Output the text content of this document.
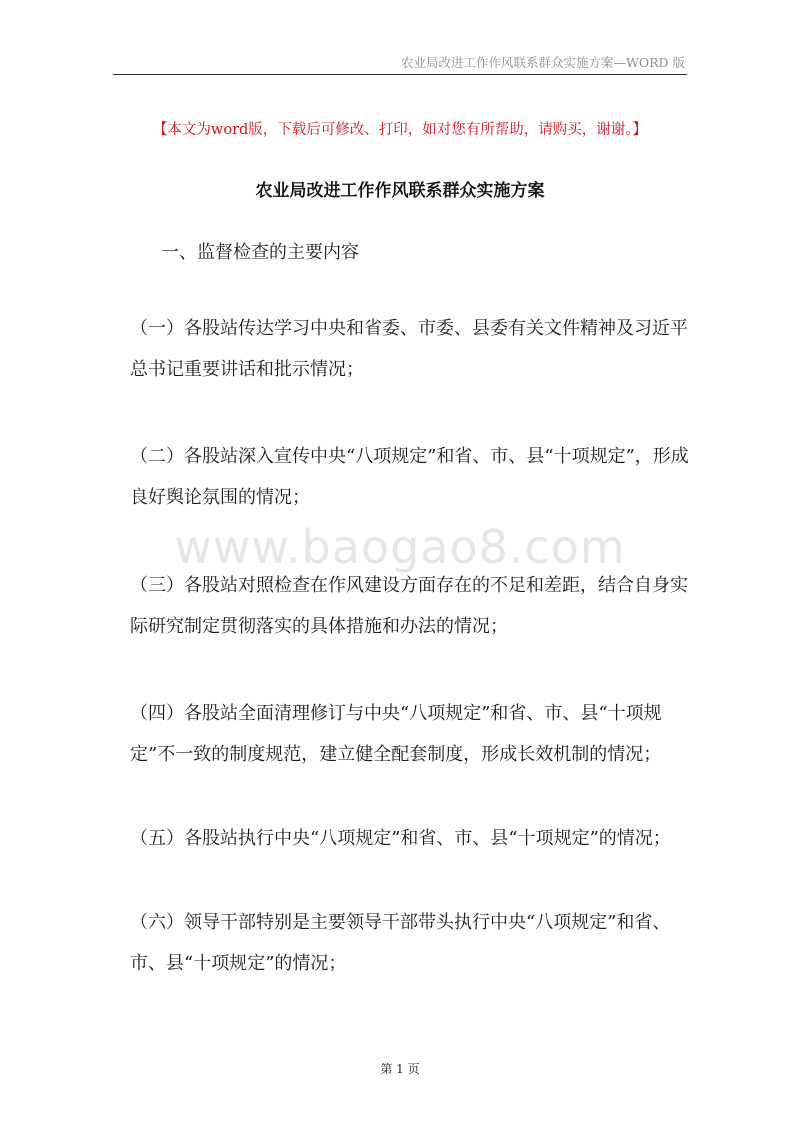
农业局改进工作作风联系群众实施方案—WORD 版
【本文为word版，下载后可修改、打印，如对您有所帮助，请购买，谢谢。】
农业局改进工作作风联系群众实施方案
一、监督检查的主要内容

（一）各股站传达学习中央和省委、市委、县委有关文件精神及习近平总书记重要讲话和批示情况；

（二）各股站深入宣传中央“八项规定”和省、市、县“十项规定”，形成良好舆论氛围的情况；

（三）各股站对照检查在作风建设方面存在的不足和差距，结合自身实际研究制定贯彻落实的具体措施和办法的情况；

（四）各股站全面清理修订与中央“八项规定”和省、市、县“十项规定”不一致的制度规范，建立健全配套制度，形成长效机制的情况；

（五）各股站执行中央“八项规定”和省、市、县“十项规定”的情况；

（六）领导干部特别是主要领导干部带头执行中央“八项规定”和省、市、县“十项规定”的情况；

www.baogao8.com
第 1 页
